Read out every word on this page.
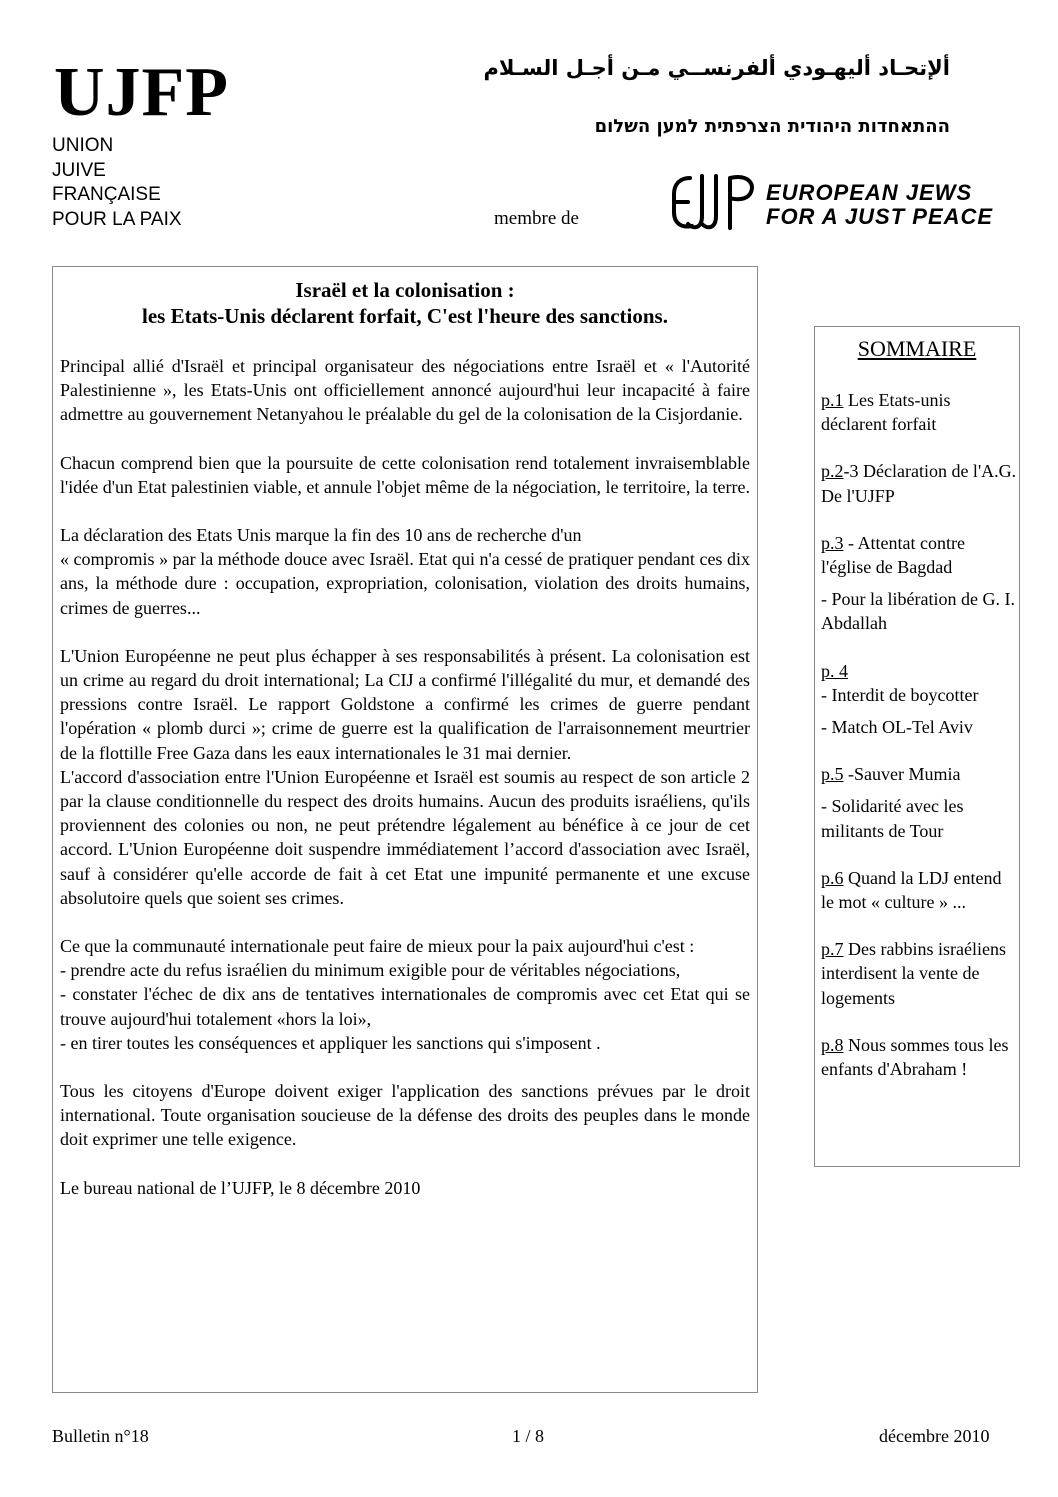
UJFP
UNION
JUIVE
FRANÇAISE
POUR LA PAIX
ألإتحـاد أليهـودي ألفرنســي مـن أجـل السـلام
ההתאחדות היהודית הצרפתית למען השלום
membre de
EUROPEAN JEWS
FOR A JUST PEACE
Israël et la colonisation :
les Etats-Unis déclarent forfait, C'est l'heure des sanctions.

Principal allié d'Israël et principal organisateur des négociations entre Israël et « l'Autorité Palestinienne », les Etats-Unis ont officiellement annoncé aujourd'hui leur incapacité à faire admettre au gouvernement Netanyahou le préalable du gel de la colonisation de la Cisjordanie.

Chacun comprend bien que la poursuite de cette colonisation rend totalement invraisemblable l'idée d'un Etat palestinien viable, et annule l'objet même de la négociation, le territoire, la terre.

La déclaration des Etats Unis marque la fin des 10 ans de recherche d'un

« compromis » par la méthode douce avec Israël. Etat qui n'a cessé de pratiquer pendant ces dix ans, la méthode dure : occupation, expropriation, colonisation, violation des droits humains, crimes de guerres...

L'Union Européenne ne peut plus échapper à ses responsabilités à présent. La colonisation est un crime au regard du droit international; La CIJ a confirmé l'illégalité du mur, et demandé des pressions contre Israël. Le rapport Goldstone a confirmé les crimes de guerre pendant l'opération « plomb durci »; crime de guerre est la qualification de l'arraisonnement meurtrier de la flottille Free Gaza dans les eaux internationales le 31 mai dernier.

L'accord d'association entre l'Union Européenne et Israël est soumis au respect de son article 2 par la clause conditionnelle du respect des droits humains. Aucun des produits israéliens, qu'ils proviennent des colonies ou non, ne peut prétendre légalement au bénéfice à ce jour de cet accord. L'Union Européenne doit suspendre immédiatement l’accord d'association avec Israël, sauf à considérer qu'elle accorde de fait à cet Etat une impunité permanente et une excuse absolutoire quels que soient ses crimes.

Ce que la communauté internationale peut faire de mieux pour la paix aujourd'hui c'est :

- prendre acte du refus israélien du minimum exigible pour de véritables négociations,

- constater l'échec de dix ans de tentatives internationales de compromis avec cet Etat qui se trouve aujourd'hui totalement «hors la loi»,

- en tirer toutes les conséquences et appliquer les sanctions qui s'imposent .

Tous les citoyens d'Europe doivent exiger l'application des sanctions prévues par le droit international. Toute organisation soucieuse de la défense des droits des peuples dans le monde doit exprimer une telle exigence.

Le bureau national de l’UJFP, le 8 décembre 2010

SOMMAIRE
p.1 Les Etats-unis déclarent forfait
p.2-3 Déclaration de l'A.G. De l'UJFP
p.3 - Attentat contre l'église de Bagdad
- Pour la libération de G. I. Abdallah
p. 4
- Interdit de boycotter
- Match OL-Tel Aviv
p.5 -Sauver Mumia
- Solidarité avec les militants de Tour
p.6 Quand la LDJ entend le mot « culture » ...
p.7 Des rabbins israéliens interdisent la vente de logements
p.8 Nous sommes tous les enfants d'Abraham !
Bulletin n°18	1 / 8	décembre 2010
